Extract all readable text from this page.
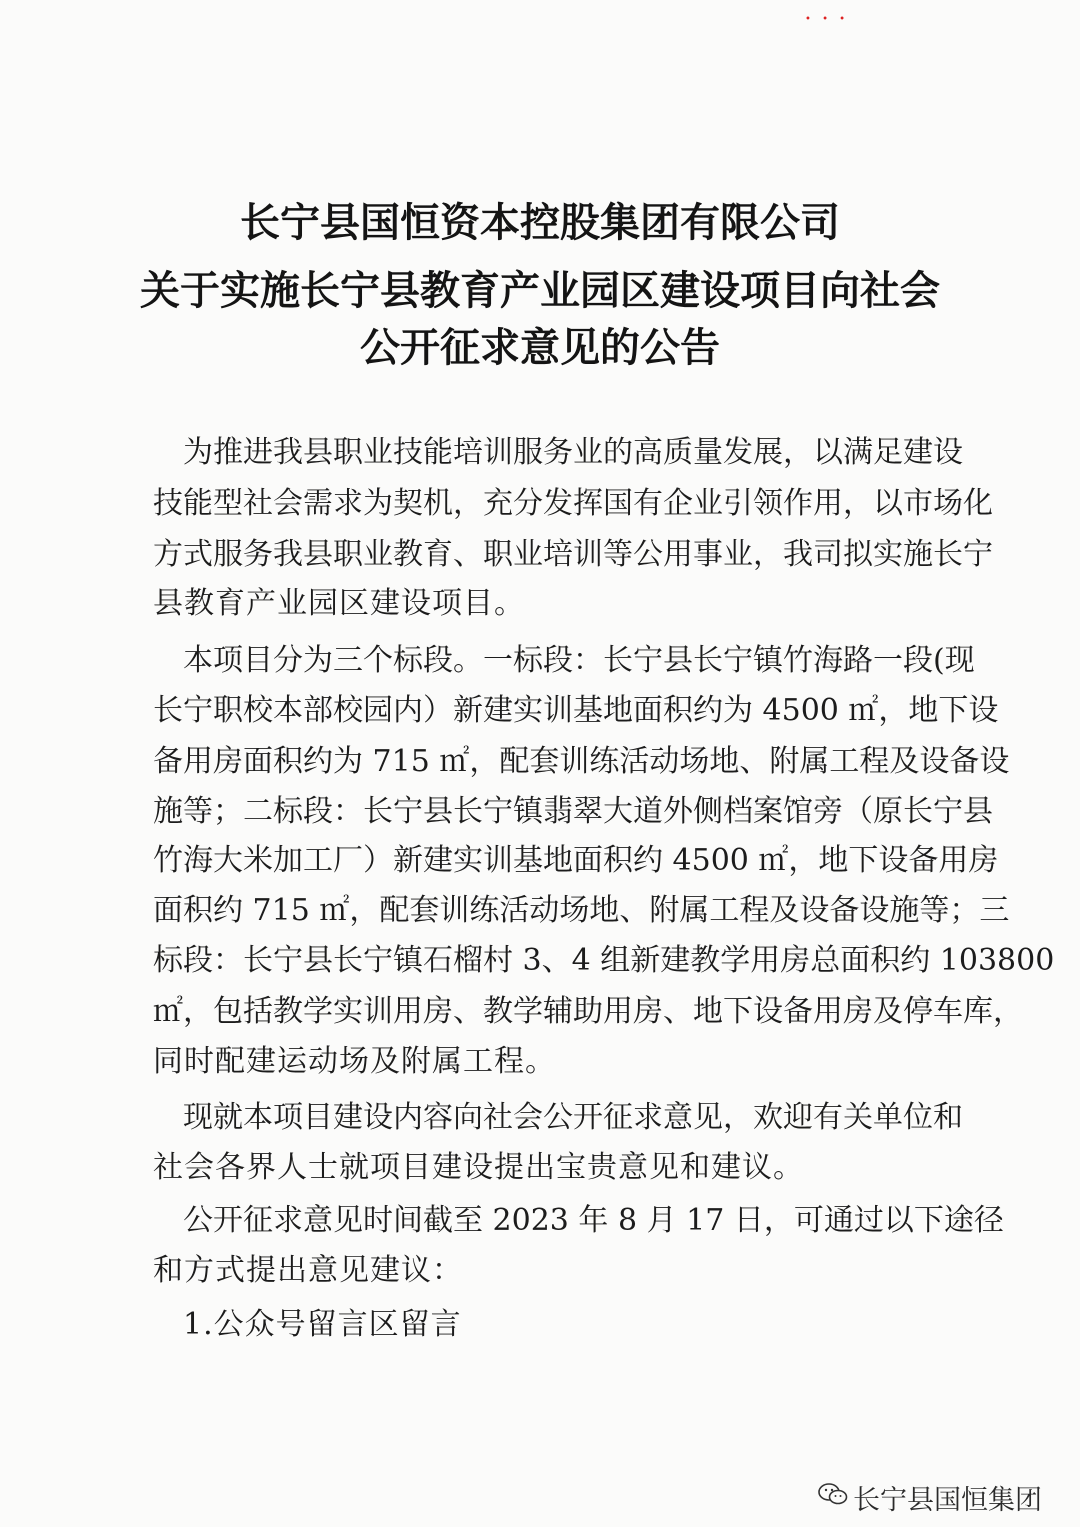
• • •
长宁县国恒资本控股集团有限公司
关于实施长宁县教育产业园区建设项目向社会
公开征求意见的公告
为推进我县职业技能培训服务业的高质量发展，以满足建设
技能型社会需求为契机，充分发挥国有企业引领作用，以市场化
方式服务我县职业教育、职业培训等公用事业，我司拟实施长宁
县教育产业园区建设项目。
本项目分为三个标段。一标段：长宁县长宁镇竹海路一段(现
长宁职校本部校园内）新建实训基地面积约为 4500 ㎡，地下设
备用房面积约为 715 ㎡，配套训练活动场地、附属工程及设备设
施等；二标段：长宁县长宁镇翡翠大道外侧档案馆旁（原长宁县
竹海大米加工厂）新建实训基地面积约 4500 ㎡，地下设备用房
面积约 715 ㎡，配套训练活动场地、附属工程及设备设施等；三
标段：长宁县长宁镇石榴村 3、4 组新建教学用房总面积约 103800
㎡，包括教学实训用房、教学辅助用房、地下设备用房及停车库，
同时配建运动场及附属工程。
现就本项目建设内容向社会公开征求意见，欢迎有关单位和
社会各界人士就项目建设提出宝贵意见和建议。
公开征求意见时间截至 2023 年 8 月 17 日，可通过以下途径
和方式提出意见建议：
1.公众号留言区留言
长宁县国恒集团
